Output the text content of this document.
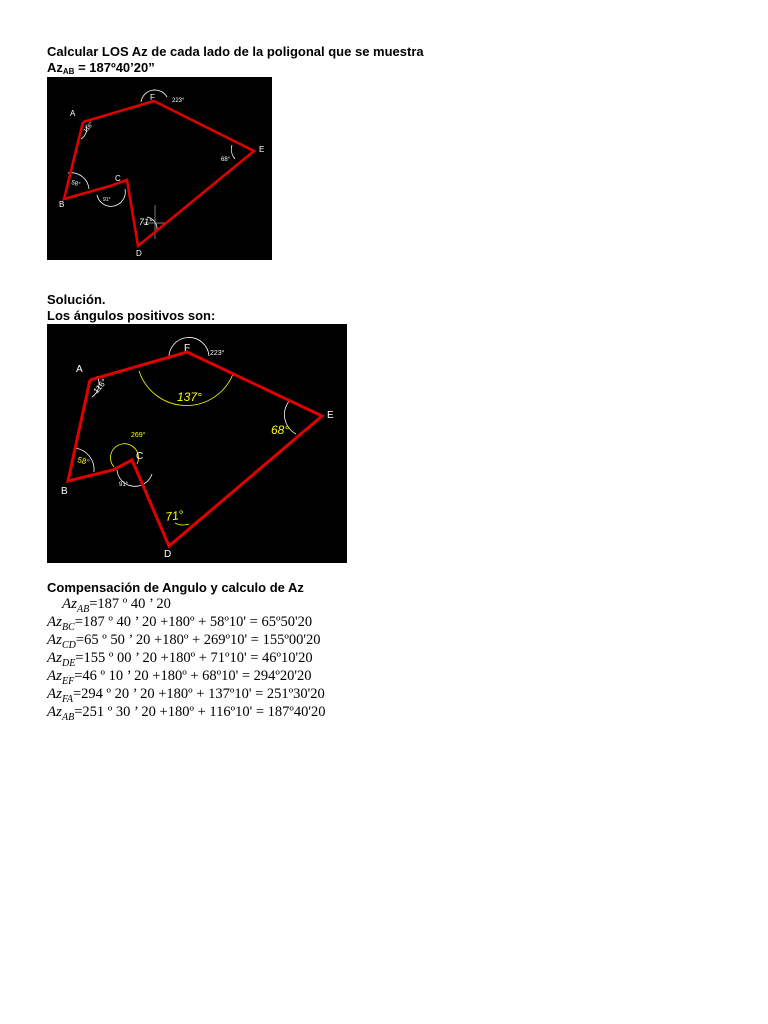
Calcular LOS Az de cada lado de la poligonal que se muestra
$Az_{AB}$ = 187º40’20”
A
F
E
C
B
D
116°
223°
68°
58°
91°
71°
Solución.
Los ángulos positivos son:
A
F
E
C
B
D
116°
223°
137°
68°
269°
58°
91°
71°
Compensación de Angulo y calculo de Az
$Az_{AB}=187$ º 40 ’ 20
$Az_{BC}=187$ º 40 ’ 20 +180º + 58º10' = 65º50'20
$Az_{CD}=65$ º 50 ’ 20 +180º + 269º10' = 155º00'20
$Az_{DE}=155$ º 00 ’ 20 +180º + 71º10' = 46º10'20
$Az_{EF}=46$ º 10 ’ 20 +180º + 68º10' = 294º20'20
$Az_{FA}=294$ º 20 ’ 20 +180º + 137º10' = 251º30'20
$Az_{AB}=251$ º 30 ’ 20 +180º + 116º10' = 187º40'20
